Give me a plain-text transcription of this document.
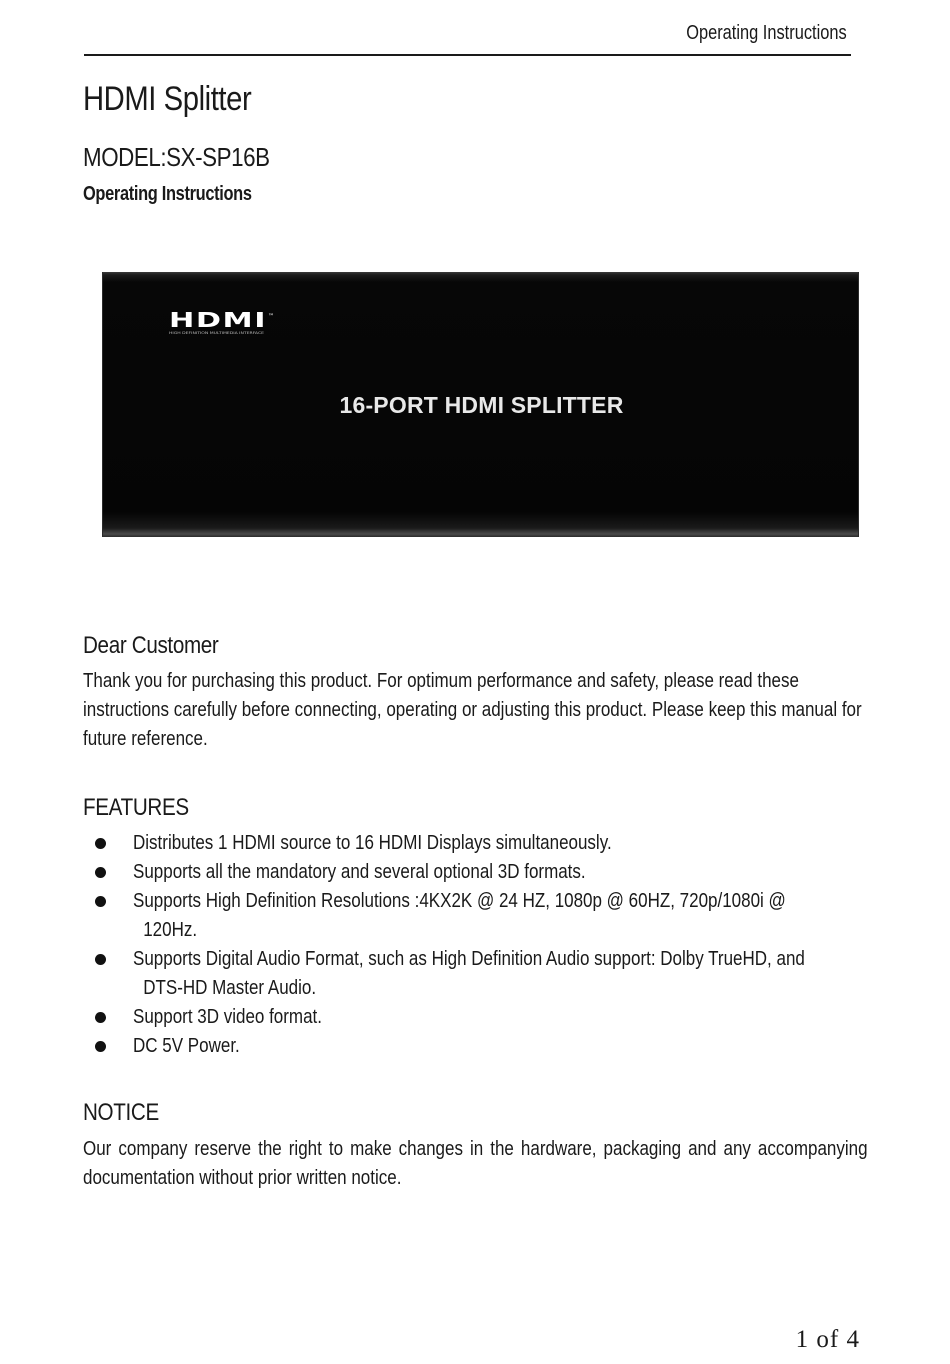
Operating Instructions
HDMI Splitter
MODEL:SX-SP16B
Operating Instructions
HDMI ™
HIGH DEFINITION MULTIMEDIA INTERFACE
16-PORT HDMI SPLITTER
Dear Customer

Thank you for purchasing this product. For optimum performance and safety, please read these instructions carefully before connecting, operating or adjusting this product. Please keep this manual for future reference.

FEATURES
Distributes 1 HDMI source to 16 HDMI Displays simultaneously.
Supports all the mandatory and several optional 3D formats.
Supports High Definition Resolutions :4KX2K @ 24 HZ, 1080p @ 60HZ, 720p/1080i @
120Hz.
Supports Digital Audio Format, such as High Definition Audio support: Dolby TrueHD, and
DTS-HD Master Audio.
Support 3D video format.
DC 5V Power.
NOTICE

Our company reserve the right to make changes in the hardware, packaging and any accompanying documentation without prior written notice.

1 of 4
